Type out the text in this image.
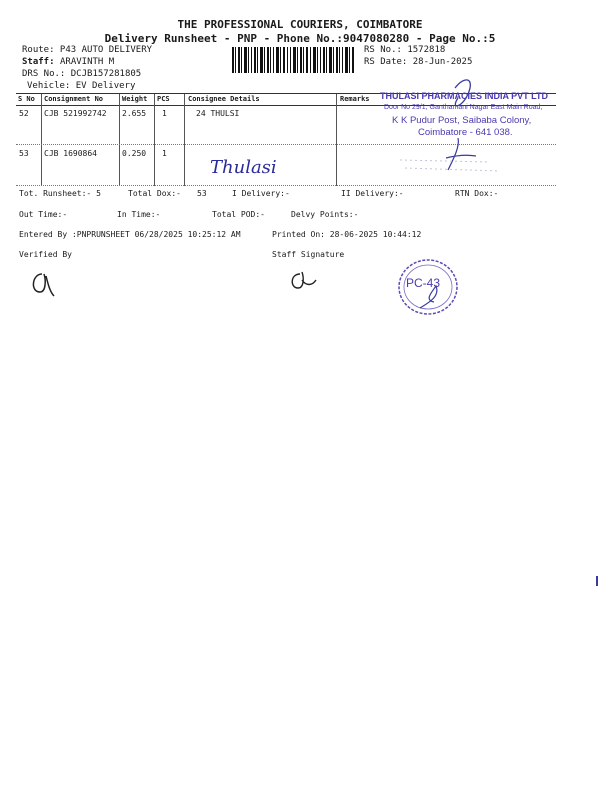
THE PROFESSIONAL COURIERS, COIMBATORE
Delivery Runsheet - PNP - Phone No.:9047080280 - Page No.:5
Route: P43 AUTO DELIVERY
Staff: ARAVINTH M
DRS No.: DCJB157281805
Vehicle: EV Delivery
RS No.: 1572818
RS Date: 28-Jun-2025
S No Consignment No	Weight PCS	Consignee Details	Remarks
52 CJB 521992742 2.655 1	24 THULSI
53 CJB 1690864	0.250 1
Thulasi
THULASI PHARMACIES INDIA PVT LTD
Door No 29/1, Ganthamani Nagar East Main Road,
K K Pudur Post, Saibaba Colony,
Coimbatore - 641 038.
Tot. Runsheet:- 5	Total Dox:- 53	I Delivery:-	II Delivery:-	RTN Dox:-
Out Time:-	In Time:-	Total POD:-	Delvy Points:-
Entered By :PNPRUNSHEET 06/28/2025 10:25:12 AM	Printed On: 28-06-2025 10:44:12
Verified By	Staff Signature
PC-43
